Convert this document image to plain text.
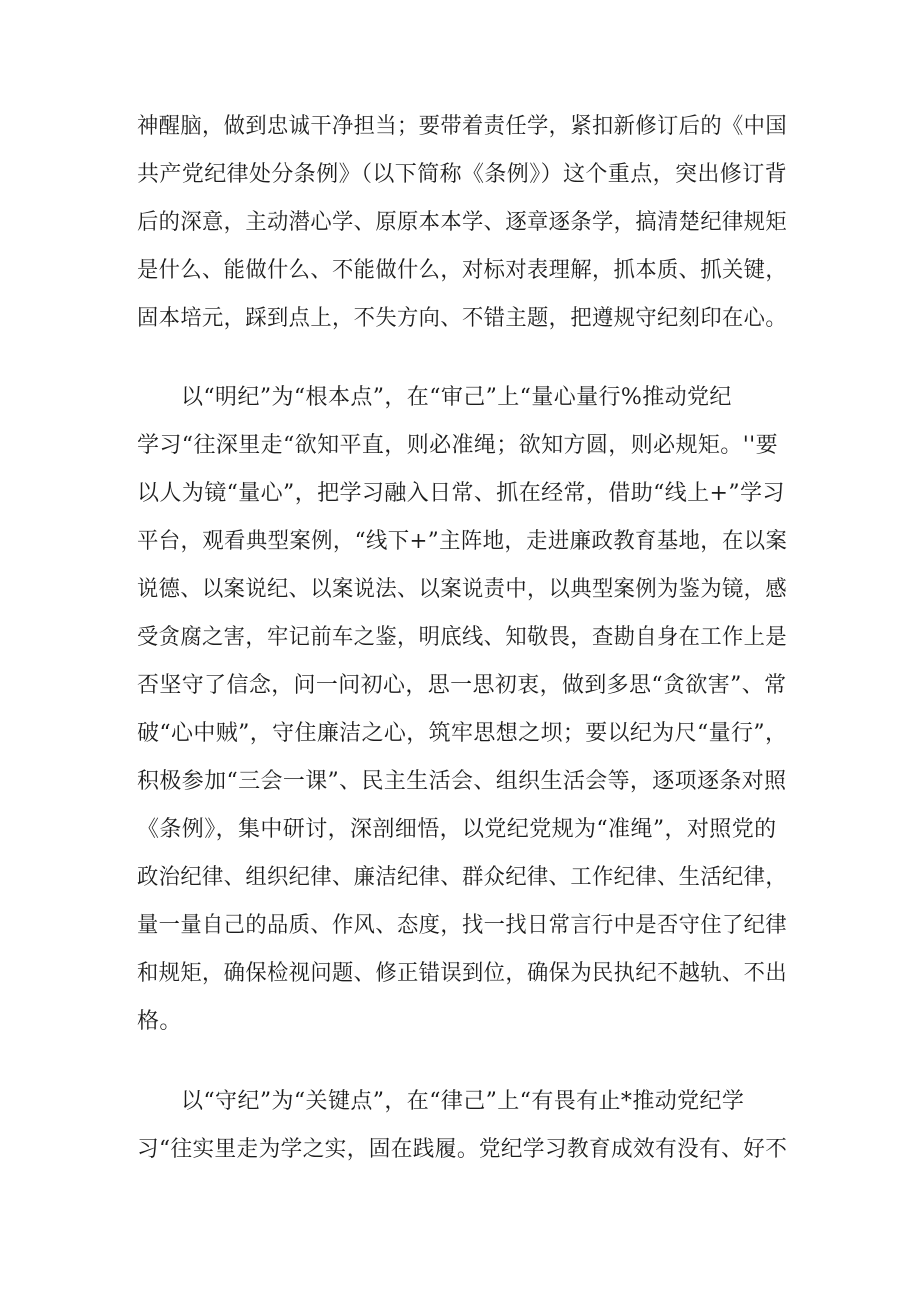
神醒脑，做到忠诚干净担当；要带着责任学，紧扣新修订后的《中国
共产党纪律处分条例》（以下简称《条例》）这个重点，突出修订背
后的深意，主动潜心学、原原本本学、逐章逐条学，搞清楚纪律规矩
是什么、能做什么、不能做什么，对标对表理解，抓本质、抓关键，
固本培元，踩到点上，不失方向、不错主题，把遵规守纪刻印在心。
以“明纪”为“根本点”，在“审己”上“量心量行%推动党纪
学习“往深里走“欲知平直，则必准绳；欲知方圆，则必规矩。''要
以人为镜“量心”，把学习融入日常、抓在经常，借助“线上+”学习
平台，观看典型案例，“线下+”主阵地，走进廉政教育基地，在以案
说德、以案说纪、以案说法、以案说责中，以典型案例为鉴为镜，感
受贪腐之害，牢记前车之鉴，明底线、知敬畏，查勘自身在工作上是
否坚守了信念，问一问初心，思一思初衷，做到多思“贪欲害”、常
破“心中贼”，守住廉洁之心，筑牢思想之坝；要以纪为尺“量行”，
积极参加“三会一课”、民主生活会、组织生活会等，逐项逐条对照
《条例》，集中研讨，深剖细悟，以党纪党规为“准绳”，对照党的
政治纪律、组织纪律、廉洁纪律、群众纪律、工作纪律、生活纪律，
量一量自己的品质、作风、态度，找一找日常言行中是否守住了纪律
和规矩，确保检视问题、修正错误到位，确保为民执纪不越轨、不出
格。
以“守纪”为“关键点”，在“律己”上“有畏有止*推动党纪学
习“往实里走为学之实，固在践履。党纪学习教育成效有没有、好不
